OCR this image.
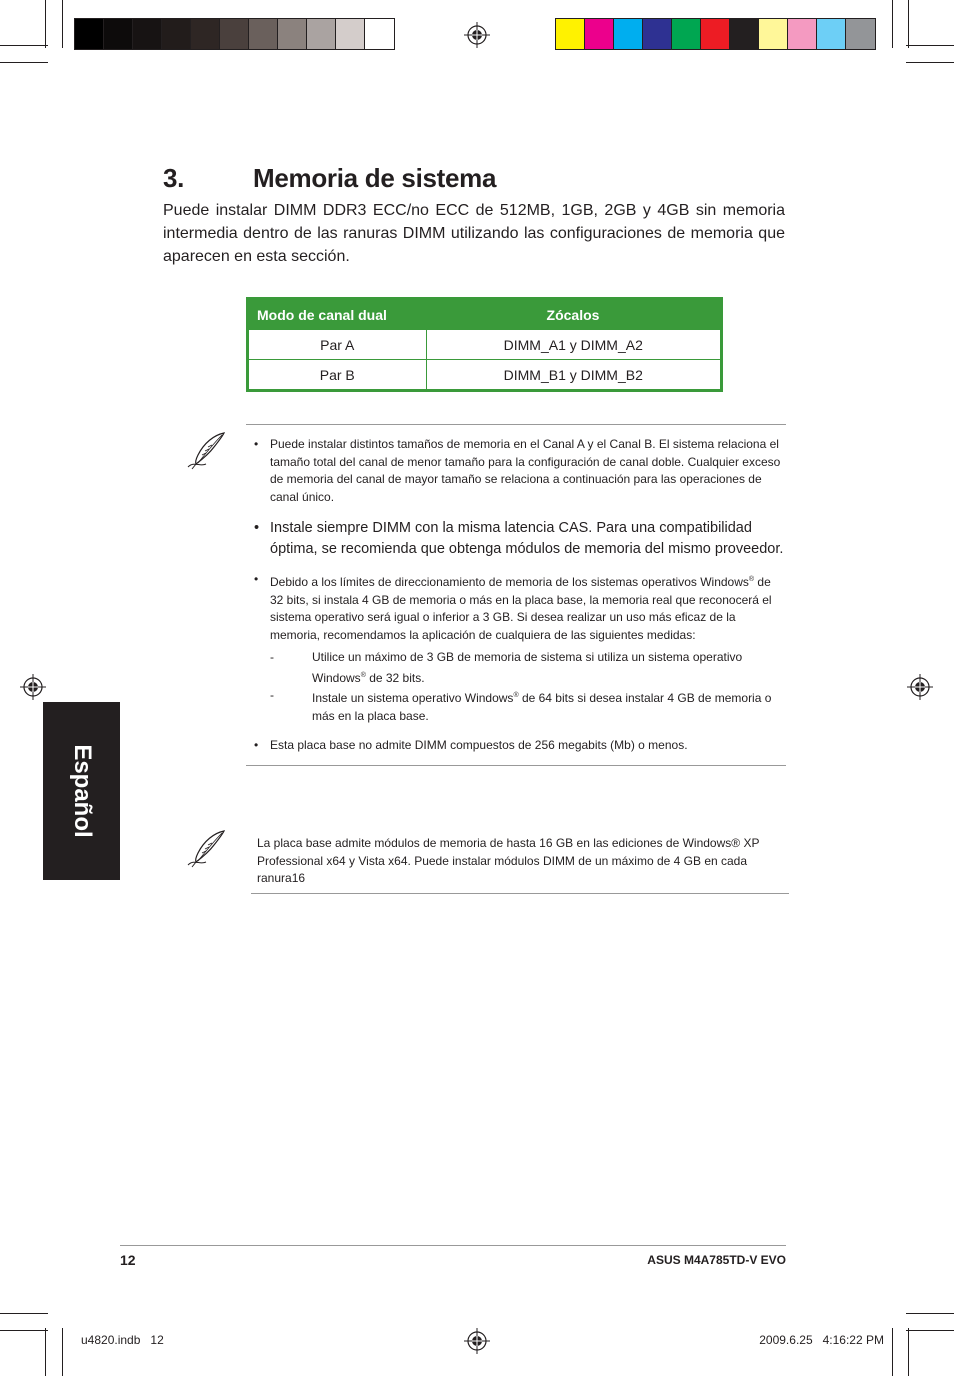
3.	Memoria de sistema
Puede instalar DIMM DDR3 ECC/no ECC de 512MB, 1GB, 2GB y 4GB sin memoria intermedia dentro de las ranuras DIMM utilizando las configuraciones de memoria que aparecen en esta sección.
Modo de canal dual	Zócalos
Par A	DIMM_A1 y DIMM_A2
Par B	DIMM_B1 y DIMM_B2
• Puede instalar distintos tamaños de memoria en el Canal A y el Canal B. El sistema relaciona el tamaño total del canal de menor tamaño para la configuración de canal doble. Cualquier exceso de memoria del canal de mayor tamaño se relaciona a continuación para las operaciones de canal único.
• Instale siempre DIMM con la misma latencia CAS. Para una compatibilidad óptima, se recomienda que obtenga módulos de memoria del mismo proveedor.
• Debido a los límites de direccionamiento de memoria de los sistemas operativos Windows® de 32 bits, si instala 4 GB de memoria o más en la placa base, la memoria real que reconocerá el sistema operativo será igual o inferior a 3 GB. Si desea realizar un uso más eficaz de la memoria, recomendamos la aplicación de cualquiera de las siguientes medidas:
-	Utilice un máximo de 3 GB de memoria de sistema si utiliza un sistema operativo Windows® de 32 bits.
-	Instale un sistema operativo Windows® de 64 bits si desea instalar 4 GB de memoria o más en la placa base.
• Esta placa base no admite DIMM compuestos de 256 megabits (Mb) o menos.
La placa base admite módulos de memoria de hasta 16 GB en las ediciones de Windows® XP Professional x64 y Vista x64. Puede instalar módulos DIMM de un máximo de 4 GB en cada ranura16
Español
12	ASUS M4A785TD-V EVO
u4820.indb   12	2009.6.25   4:16:22 PM
